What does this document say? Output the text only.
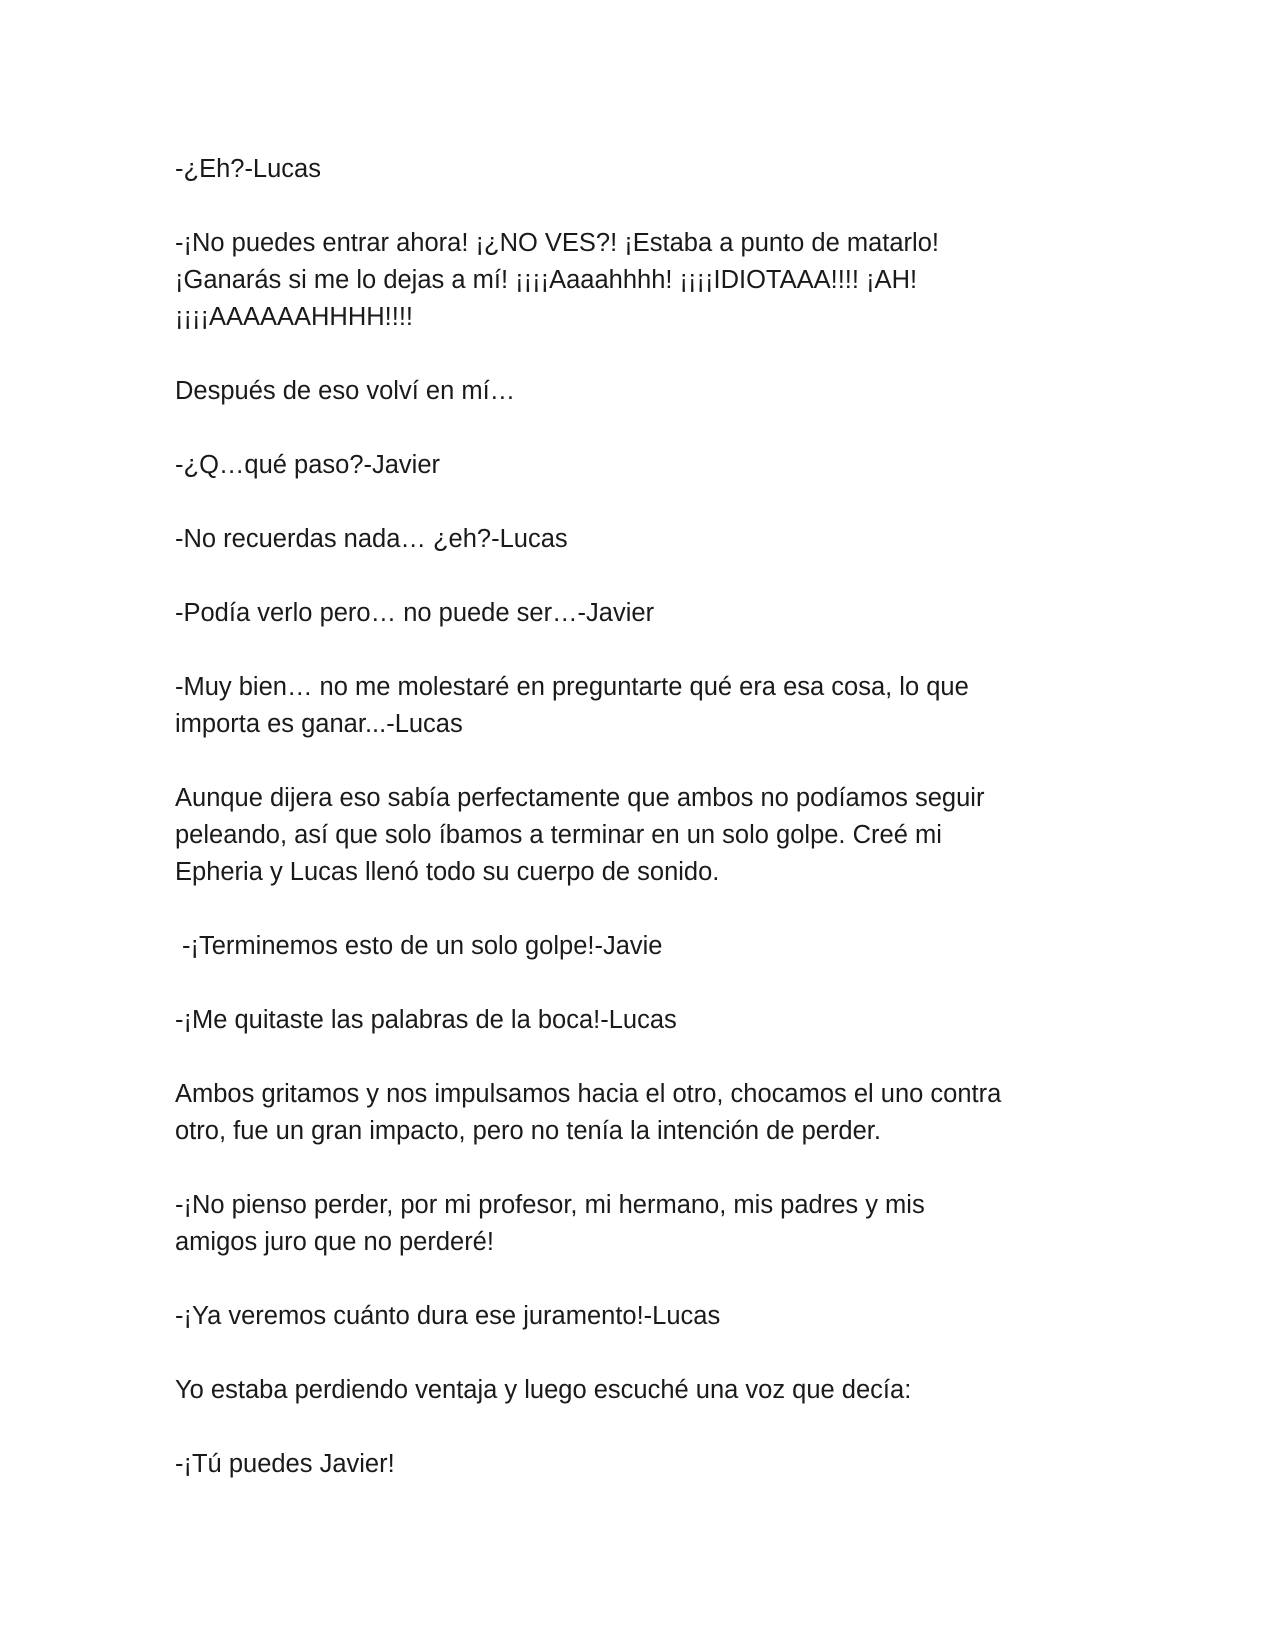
-¿Eh?-Lucas

-¡No puedes entrar ahora! ¡¿NO VES?! ¡Estaba a punto de matarlo!
¡Ganarás si me lo dejas a mí! ¡¡¡¡Aaaahhhh! ¡¡¡¡IDIOTAAA!!!! ¡AH!
¡¡¡¡AAAAAAHHHH!!!!

Después de eso volví en mí…

-¿Q…qué paso?-Javier

-No recuerdas nada… ¿eh?-Lucas

-Podía verlo pero… no puede ser…-Javier

-Muy bien… no me molestaré en preguntarte qué era esa cosa, lo que
importa es ganar...-Lucas

Aunque dijera eso sabía perfectamente que ambos no podíamos seguir
peleando, así que solo íbamos a terminar en un solo golpe. Creé mi
Epheria y Lucas llenó todo su cuerpo de sonido.

-¡Terminemos esto de un solo golpe!-Javie

-¡Me quitaste las palabras de la boca!-Lucas

Ambos gritamos y nos impulsamos hacia el otro, chocamos el uno contra
otro, fue un gran impacto, pero no tenía la intención de perder.

-¡No pienso perder, por mi profesor, mi hermano, mis padres y mis
amigos juro que no perderé!

-¡Ya veremos cuánto dura ese juramento!-Lucas

Yo estaba perdiendo ventaja y luego escuché una voz que decía:

-¡Tú puedes Javier!
